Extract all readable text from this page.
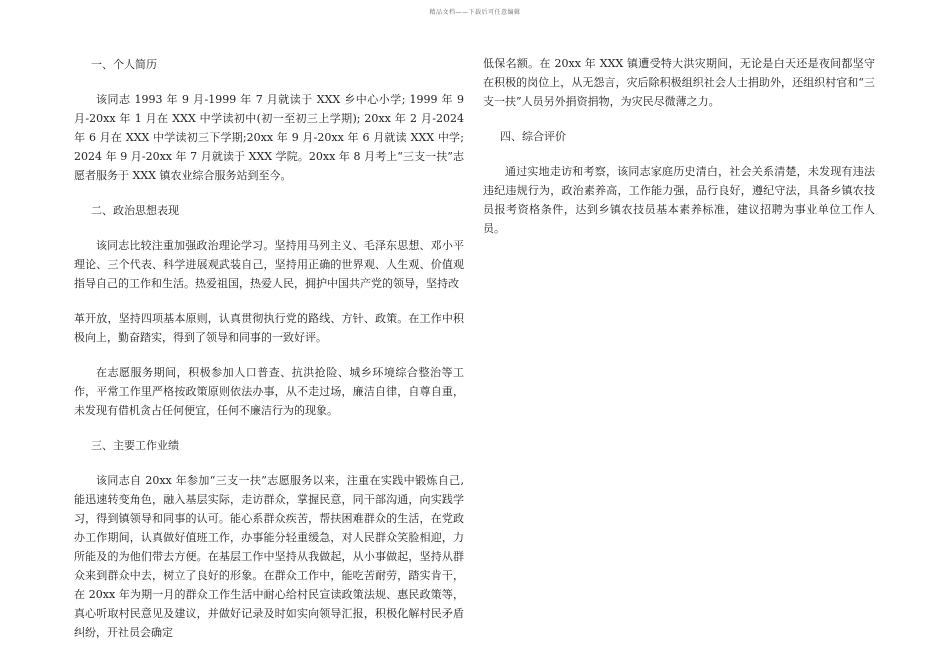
精品文档——下载后可任意编辑
一、个人简历

该同志 1993 年 9 月-1999 年 7 月就读于 XXX 乡中心小学; 1999 年 9 月-20xx 年 1 月在 XXX 中学读初中(初一至初三上学期); 20xx 年 2 月-2024 年 6 月在 XXX 中学读初三下学期;20xx 年 9 月-20xx 年 6 月就读 XXX 中学; 2024 年 9 月-20xx 年 7 月就读于 XXX 学院。20xx 年 8 月考上“三支一扶”志愿者服务于 XXX 镇农业综合服务站到至今。

二、政治思想表现

该同志比较注重加强政治理论学习。坚持用马列主义、毛泽东思想、邓小平理论、三个代表、科学进展观武装自己，坚持用正确的世界观、人生观、价值观指导自己的工作和生活。热爱祖国，热爱人民，拥护中国共产党的领导，坚持改

革开放，坚持四项基本原则，认真贯彻执行党的路线、方针、政策。在工作中积极向上，勤奋踏实，得到了领导和同事的一致好评。

在志愿服务期间，积极参加人口普查、抗洪抢险、城乡环境综合整治等工作，平常工作里严格按政策原则依法办事，从不走过场，廉洁自律，自尊自重，未发现有借机贪占任何便宜，任何不廉洁行为的现象。

三、主要工作业绩

该同志自 20xx 年参加“三支一扶”志愿服务以来，注重在实践中锻炼自己, 能迅速转变角色，融入基层实际，走访群众，掌握民意，同干部沟通，向实践学习，得到镇领导和同事的认可。能心系群众疾苦，帮扶困难群众的生活，在党政办工作期间，认真做好值班工作，办事能分轻重缓急，对人民群众笑脸相迎，力所能及的为他们带去方便。在基层工作中坚持从我做起，从小事做起，坚持从群众来到群众中去，树立了良好的形象。在群众工作中，能吃苦耐劳，踏实肯干，在 20xx 年为期一月的群众工作生活中耐心给村民宣读政策法规、惠民政策等，真心听取村民意见及建议，并做好记录及时如实向领导汇报，积极化解村民矛盾纠纷，开社员会确定

低保名额。在 20xx 年 XXX 镇遭受特大洪灾期间，无论是白天还是夜间都坚守在积极的岗位上，从无怨言，灾后除积极组织社会人士捐助外，还组织村官和“三支一扶”人员另外捐资捐物，为灾民尽微薄之力。

四、综合评价

通过实地走访和考察，该同志家庭历史清白，社会关系清楚，未发现有违法违纪违规行为，政治素养高，工作能力强，品行良好，遵纪守法，具备乡镇农技员报考资格条件，达到乡镇农技员基本素养标准，建议招聘为事业单位工作人员。
